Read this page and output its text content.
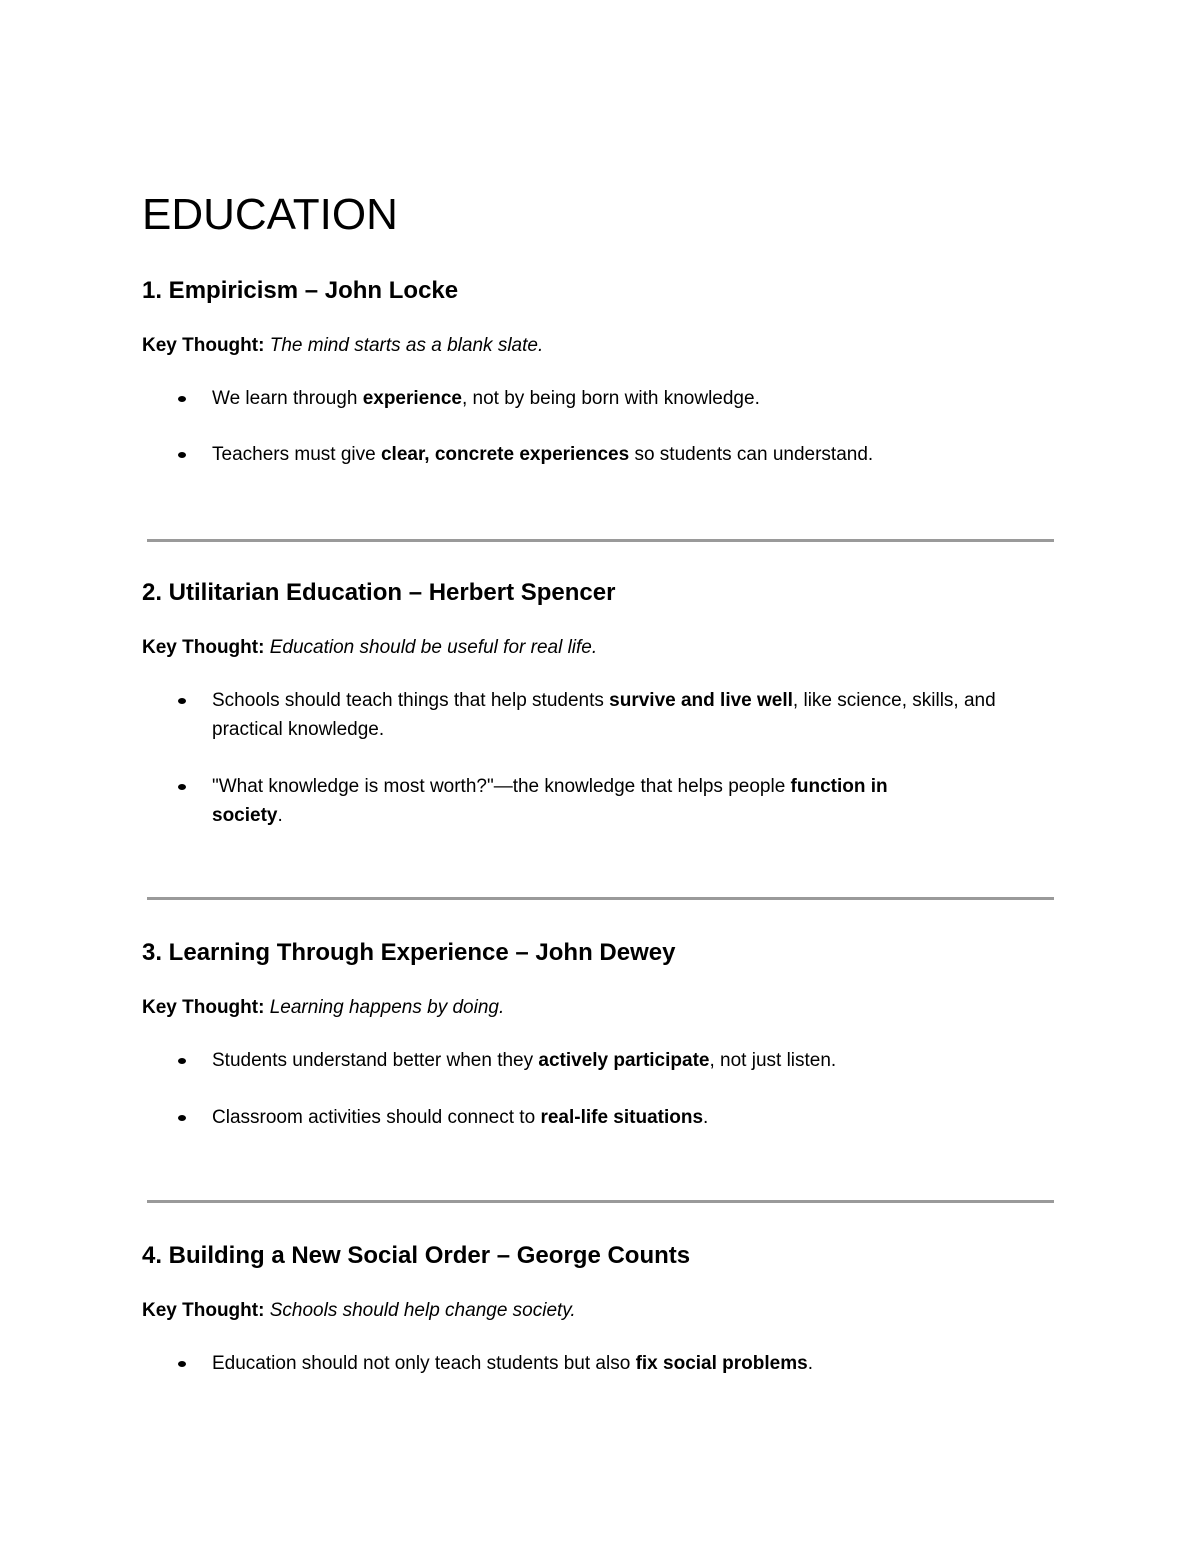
EDUCATION
1. Empiricism – John Locke

Key Thought: The mind starts as a blank slate.

We learn through experience, not by being born with knowledge.
Teachers must give clear, concrete experiences so students can understand.
2. Utilitarian Education – Herbert Spencer

Key Thought: Education should be useful for real life.

Schools should teach things that help students survive and live well, like science, skills, and practical knowledge.
"What knowledge is most worth?"—the knowledge that helps people function in society.
3. Learning Through Experience – John Dewey

Key Thought: Learning happens by doing.

Students understand better when they actively participate, not just listen.
Classroom activities should connect to real-life situations.
4. Building a New Social Order – George Counts

Key Thought: Schools should help change society.

Education should not only teach students but also fix social problems.
